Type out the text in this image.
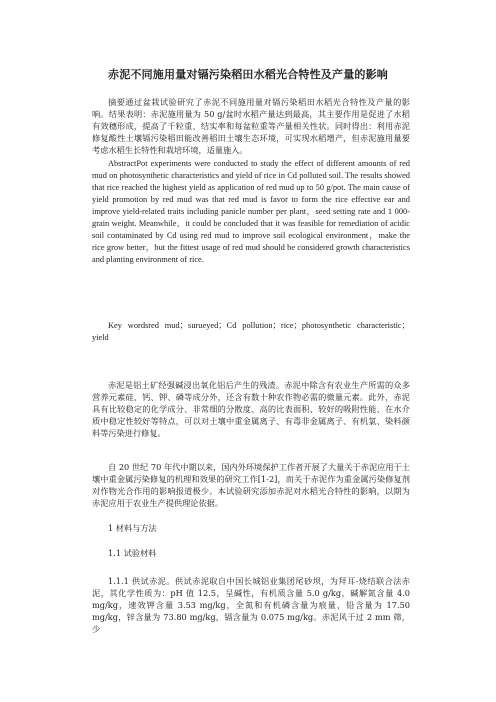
赤泥不同施用量对镉污染稻田水稻光合特性及产量的影响

摘要通过盆栽试验研究了赤泥不同施用量对镉污染稻田水稻光合特性及产量的影响。结果表明：赤泥施用量为 50 g/盆时水稻产量达到最高，其主要作用是促进了水稻有效穗形成，提高了千粒重、结实率和每盆粒重等产量相关性状。同时得出：利用赤泥修复酸性土壤镉污染稻田能改善稻田土壤生态环境，可实现水稻增产，但赤泥施用量要考虑水稻生长特性和栽培环境，适量施入。

AbstractPot experiments were conducted to study the effect of different amounts of red mud on photosynthetic characteristics and yield of rice in Cd polluted soil. The results showed that rice reached the highest yield as application of red mud up to 50 g/pot. The main cause of yield promotion by red mud was that red mud is favor to form the rice effective ear and improve yield-related traits including panicle number per plant，seed setting rate and 1 000-grain weight. Meanwhile，it could be concluded that it was feasible for remediation of acidic soil contaminated by Cd using red mud to improve soil ecological environment，make the rice grow better，but the fittest usage of red mud should be considered growth characteristics and planting environment of rice.

Key wordsred mud；surueyed；Cd pollution；rice；photosynthetic characteristic；yield

赤泥是铝土矿经强碱浸出氧化铝后产生的残渣。赤泥中除含有农业生产所需的众多营养元素硅、钙、钾、磷等成分外，还含有数十种农作物必需的微量元素。此外，赤泥具有比较稳定的化学成分、非常细的分散度、高的比表面积、较好的吸附性能、在水介质中稳定性较好等特点，可以对土壤中重金属离子、有毒非金属离子、有机氯、染料颜料等污染进行修复。

自 20 世纪 70 年代中期以来，国内外环境保护工作者开展了大量关于赤泥应用于土壤中重金属污染修复的机理和效果的研究工作[1-2]，而关于赤泥作为重金属污染修复剂对作物光合作用的影响报道极少。本试验研究添加赤泥对水稻光合特性的影响，以期为赤泥应用于农业生产提供理论依据。

1 材料与方法

1.1 试验材料

1.1.1 供试赤泥。供试赤泥取自中国长城铝业集团尾砂坝，为拜耳-烧结联合法赤泥，其化学性质为：pH 值 12.5，呈碱性，有机质含量 5.0 g/kg，碱解氮含量 4.0 mg/kg，速效钾含量 3.53 mg/kg，全氮和有机磷含量为痕量，铅含量为 17.50 mg/kg，锌含量为 73.80 mg/kg，镉含量为 0.075 mg/kg。赤泥风干过 2 mm 筛，少
